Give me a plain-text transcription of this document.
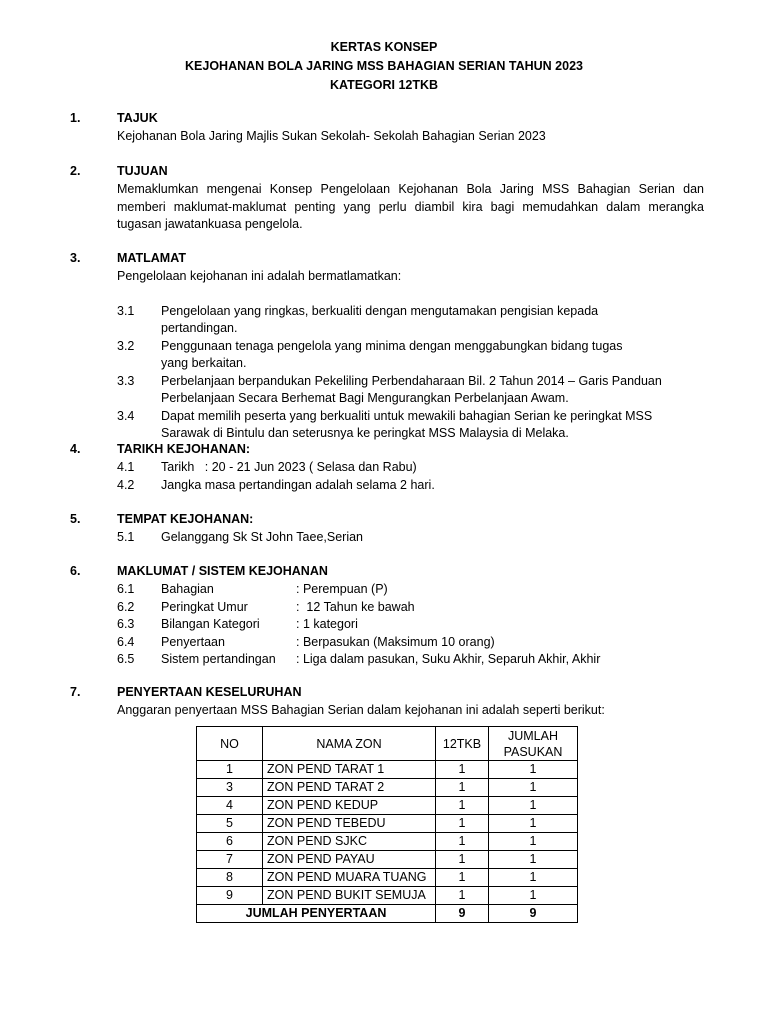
KERTAS KONSEP
KEJOHANAN BOLA JARING MSS BAHAGIAN SERIAN TAHUN 2023
KATEGORI 12TKB
1.	TAJUK
Kejohanan Bola Jaring Majlis Sukan Sekolah- Sekolah Bahagian Serian 2023
2.	TUJUAN
Memaklumkan mengenai Konsep Pengelolaan Kejohanan Bola Jaring MSS Bahagian Serian dan memberi maklumat-maklumat penting yang perlu diambil kira bagi memudahkan dalam merangka tugasan jawatankuasa pengelola.
3.	MATLAMAT
Pengelolaan kejohanan ini adalah bermatlamatkan:
3.1 Pengelolaan yang ringkas, berkualiti dengan mengutamakan pengisian kepada pertandingan.
3.2 Penggunaan tenaga pengelola yang minima dengan menggabungkan bidang tugas yang berkaitan.
3.3 Perbelanjaan berpandukan Pekeliling Perbendaharaan Bil. 2 Tahun 2014 – Garis Panduan Perbelanjaan Secara Berhemat Bagi Mengurangkan Perbelanjaan Awam.
3.4 Dapat memilih peserta yang berkualiti untuk mewakili bahagian Serian ke peringkat MSS Sarawak di Bintulu dan seterusnya ke peringkat MSS Malaysia di Melaka.
4.	TARIKH KEJOHANAN:
4.1 Tarikh   : 20 - 21 Jun 2023 ( Selasa dan Rabu)
4.2 Jangka masa pertandingan adalah selama 2 hari.
5.	TEMPAT KEJOHANAN:
5.1 Gelanggang Sk St John Taee,Serian
6.	MAKLUMAT / SISTEM KEJOHANAN
6.1 Bahagian	: Perempuan (P)
6.2 Peringkat Umur	:  12 Tahun ke bawah
6.3 Bilangan Kategori	: 1 kategori
6.4 Penyertaan	: Berpasukan (Maksimum 10 orang)
6.5 Sistem pertandingan : Liga dalam pasukan, Suku Akhir, Separuh Akhir, Akhir
7.	PENYERTAAN KESELURUHAN
Anggaran penyertaan MSS Bahagian Serian dalam kejohanan ini adalah seperti berikut:
NO	NAMA ZON	12TKB	JUMLAH PASUKAN
1	ZON PEND TARAT 1	1	1
3	ZON PEND TARAT 2	1	1
4	ZON PEND KEDUP	1	1
5	ZON PEND TEBEDU	1	1
6	ZON PEND SJKC	1	1
7	ZON PEND PAYAU	1	1
8	ZON PEND MUARA TUANG	1	1
9	ZON PEND BUKIT SEMUJA	1	1
JUMLAH PENYERTAAN		9	9
